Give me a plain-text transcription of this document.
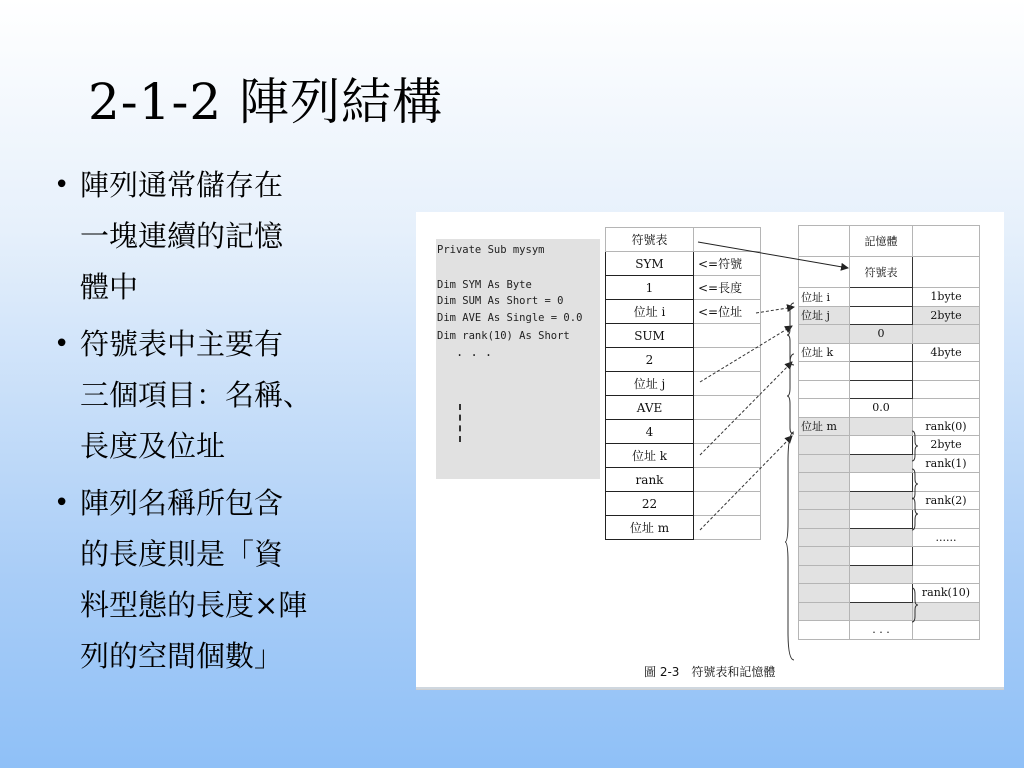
2-1-2 陣列結構
• 陣列通常儲存在
一塊連續的記憶
體中
• 符號表中主要有
三個項目：名稱、
長度及位址
• 陣列名稱所包含
的長度則是「資
料型態的長度×陣
列的空間個數」
Private Sub mysym
Dim SYM As Byte
Dim SUM As Short = 0
Dim AVE As Single = 0.0
Dim rank(10) As Short
. . .
符號表	
SYM	<=符號
1	<=長度
位址 i	<=位址
SUM	
2	
位址 j	
AVE	
4	
位址 k	
rank	
22	
位址 m	
	記憶體	
	符號表	
位址 i		1byte
位址 j		2byte
	0	
位址 k		4byte

	0.0	
位址 m		rank(0)
		2byte
		rank(1)

		rank(2)

		......

		rank(10)

	. . .	
圖 2-3　符號表和記憶體
